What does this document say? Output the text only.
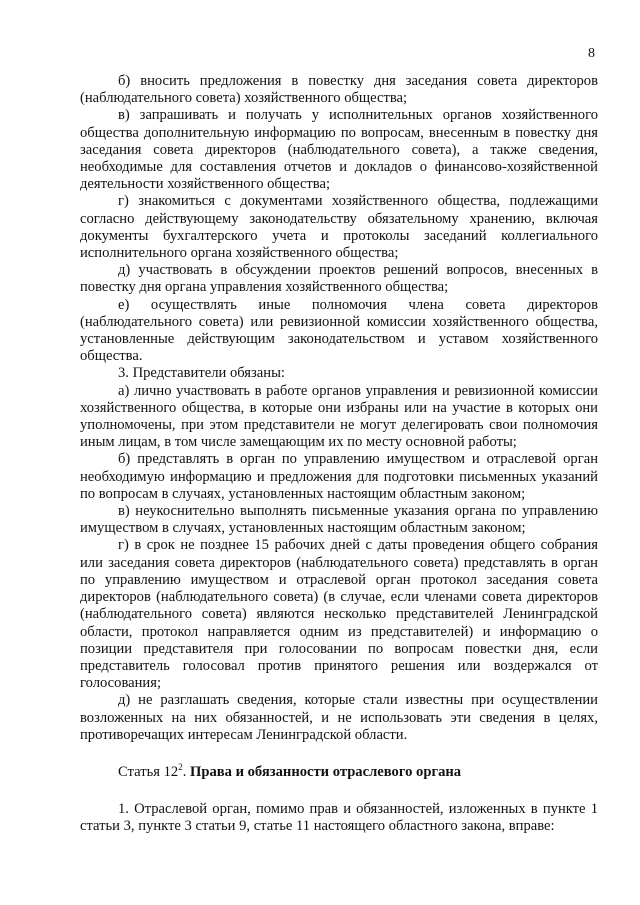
8

б) вносить предложения в повестку дня заседания совета директоров (наблюдательного совета) хозяйственного общества;

в) запрашивать и получать у исполнительных органов хозяйственного общества дополнительную информацию по вопросам, внесенным в повестку дня заседания совета директоров (наблюдательного совета), а также сведения, необходимые для составления отчетов и докладов о финансово-хозяйственной деятельности хозяйственного общества;

г) знакомиться с документами хозяйственного общества, подлежащими согласно действующему законодательству обязательному хранению, включая документы бухгалтерского учета и протоколы заседаний коллегиального исполнительного органа хозяйственного общества;

д) участвовать в обсуждении проектов решений вопросов, внесенных в повестку дня органа управления хозяйственного общества;

е) осуществлять иные полномочия члена совета директоров (наблюдательного совета) или ревизионной комиссии хозяйственного общества, установленные действующим законодательством и уставом хозяйственного общества.

3. Представители обязаны:

а) лично участвовать в работе органов управления и ревизионной комиссии хозяйственного общества, в которые они избраны или на участие в которых они уполномочены, при этом представители не могут делегировать свои полномочия иным лицам, в том числе замещающим их по месту основной работы;

б) представлять в орган по управлению имуществом и отраслевой орган необходимую информацию и предложения для подготовки письменных указаний по вопросам в случаях, установленных настоящим областным законом;

в) неукоснительно выполнять письменные указания органа по управлению имуществом в случаях, установленных настоящим областным законом;

г) в срок не позднее 15 рабочих дней с даты проведения общего собрания или заседания совета директоров (наблюдательного совета) представлять в орган по управлению имуществом и отраслевой орган протокол заседания совета директоров (наблюдательного совета) (в случае, если членами совета директоров (наблюдательного совета) являются несколько представителей Ленинградской области, протокол направляется одним из представителей) и информацию о позиции представителя при голосовании по вопросам повестки дня, если представитель голосовал против принятого решения или воздержался от голосования;

д) не разглашать сведения, которые стали известны при осуществлении возложенных на них обязанностей, и не использовать эти сведения в целях, противоречащих интересам Ленинградской области.

Статья $12^2$. Права и обязанности отраслевого органа

1. Отраслевой орган, помимо прав и обязанностей, изложенных в пункте 1 статьи 3, пункте 3 статьи 9, статье 11 настоящего областного закона, вправе:
